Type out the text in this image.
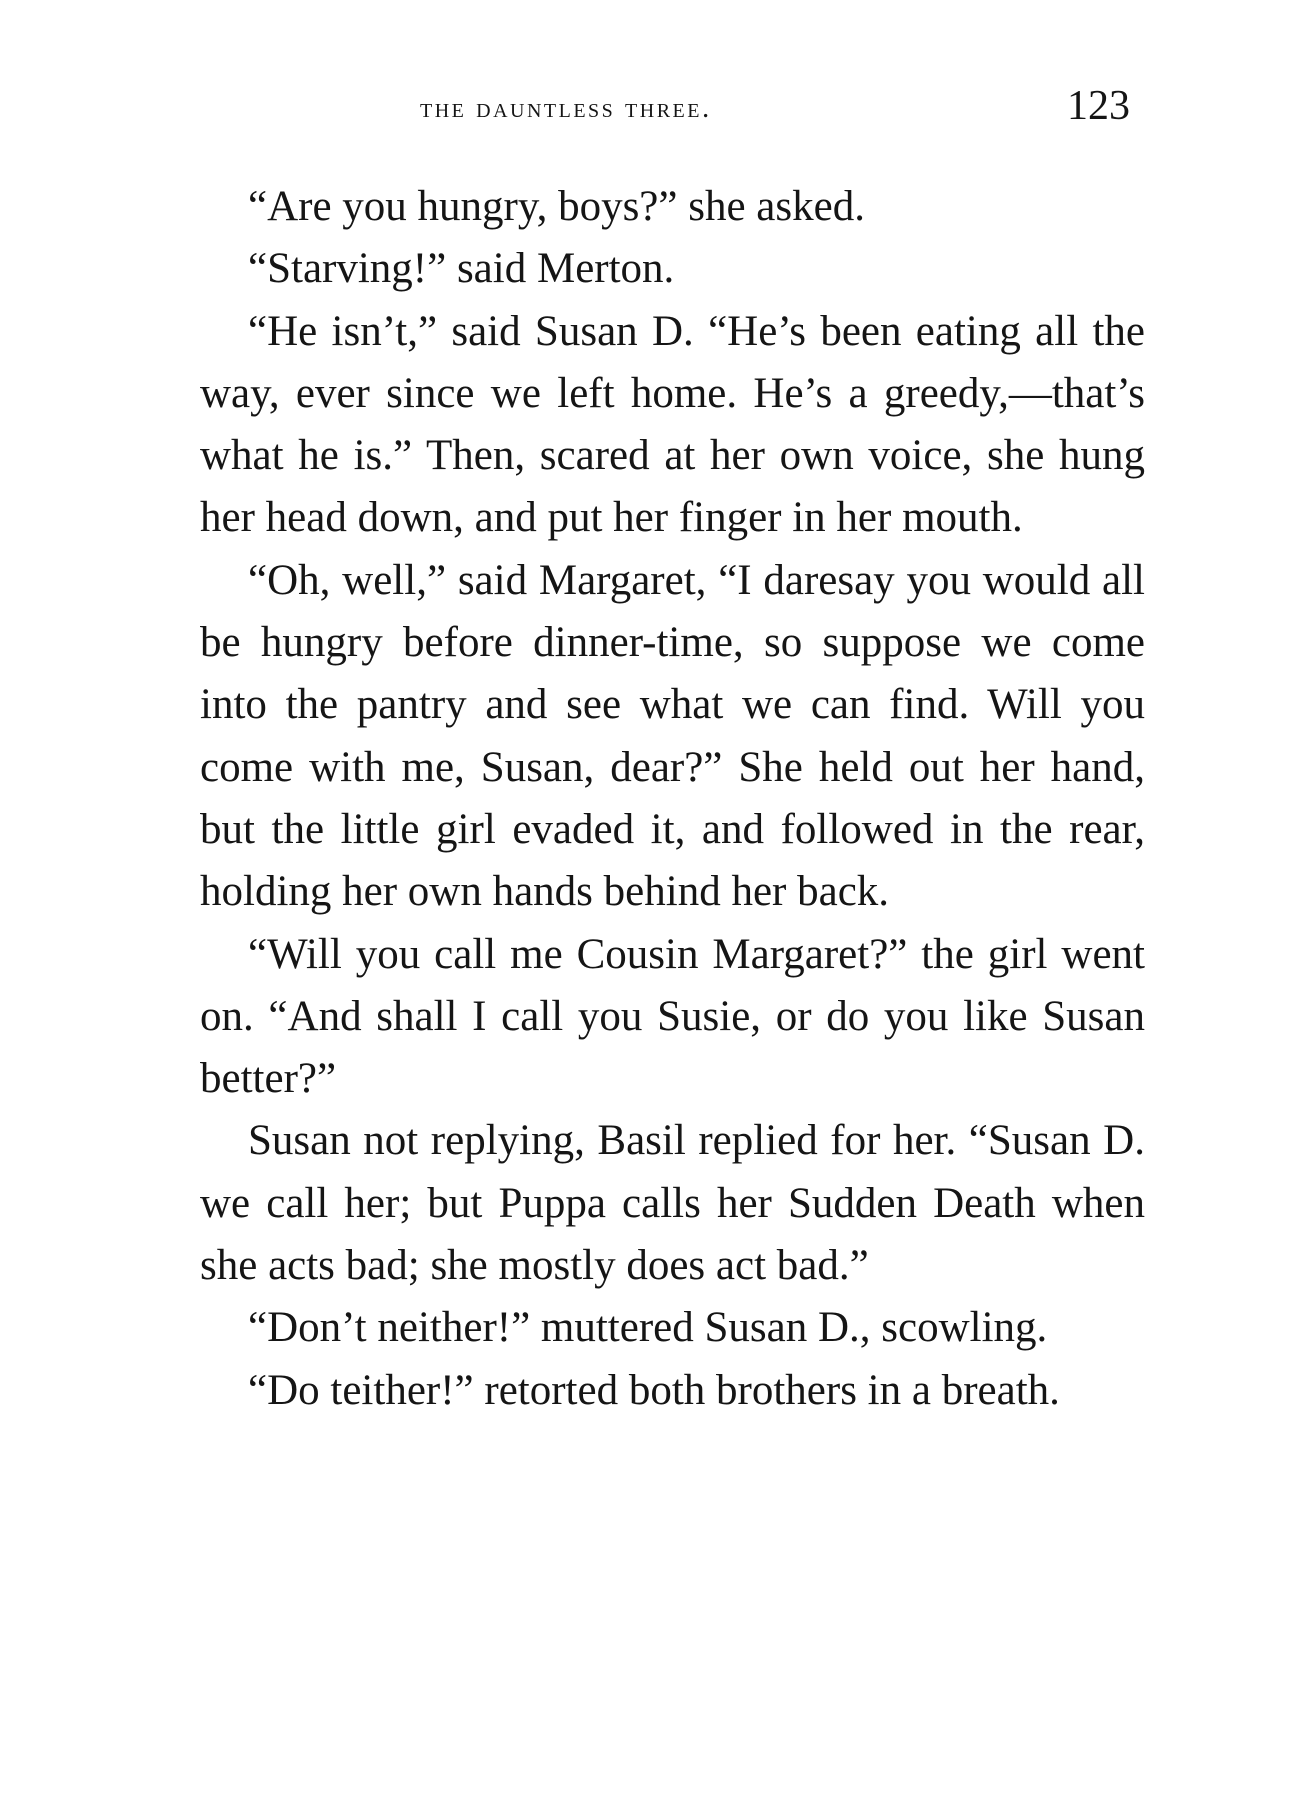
the dauntless three.	123

“Are you hungry, boys?” she asked.

“Starving!” said Merton.

“He isn’t,” said Susan D. “He’s been eating all the way, ever since we left home. He’s a greedy,—that’s what he is.” Then, scared at her own voice, she hung her head down, and put her finger in her mouth.

“Oh, well,” said Margaret, “I daresay you would all be hungry before dinner-time, so suppose we come into the pantry and see what we can find. Will you come with me, Susan, dear?” She held out her hand, but the little girl evaded it, and followed in the rear, holding her own hands behind her back.

“Will you call me Cousin Margaret?” the girl went on. “And shall I call you Susie, or do you like Susan better?”

Susan not replying, Basil replied for her. “Susan D. we call her; but Puppa calls her Sudden Death when she acts bad; she mostly does act bad.”

“Don’t neither!” muttered Susan D., scowling.

“Do teither!” retorted both brothers in a breath.
